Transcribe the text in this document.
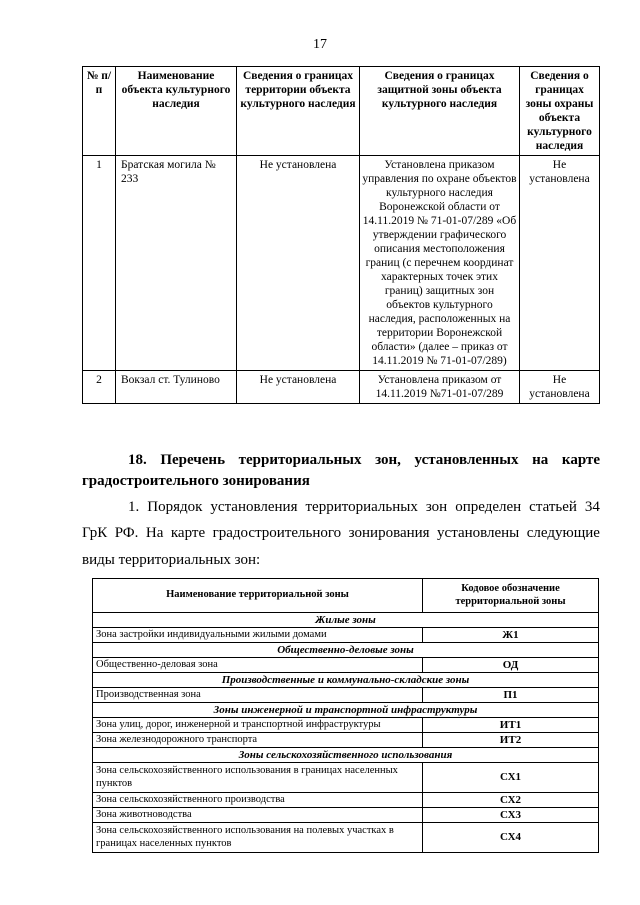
17
№ п/п	Наименование объекта культурного наследия	Сведения о границах территории объекта культурного наследия	Сведения о границах защитной зоны объекта культурного наследия	Сведения о границах зоны охраны объекта культурного наследия
1	Братская могила № 233	Не установлена	Установлена приказом управления по охране объектов культурного наследия Воронежской области от 14.11.2019 № 71-01-07/289 «Об утверждении графического описания местоположения границ (с перечнем координат характерных точек этих границ) защитных зон объектов культурного наследия, расположенных на территории Воронежской области» (далее – приказ от 14.11.2019 № 71-01-07/289)	Не установлена
2	Вокзал ст. Тулиново	Не установлена	Установлена приказом от 14.11.2019 №71-01-07/289	Не установлена
18. Перечень территориальных зон, установленных на карте
градостроительного зонирования
1. Порядок установления территориальных зон определен статьей 34
ГрК РФ. На карте градостроительного зонирования установлены следующие
виды территориальных зон:
Наименование территориальной зоны	Кодовое обозначение территориальной зоны
Жилые зоны	
Зона застройки индивидуальными жилыми домами	Ж1
Общественно-деловые зоны	
Общественно-деловая зона	ОД
Производственные и коммунально-складские зоны	
Производственная зона	П1
Зоны инженерной и транспортной инфраструктуры	
Зона улиц, дорог, инженерной и транспортной инфраструктуры	ИТ1
Зона железнодорожного транспорта	ИТ2
Зоны сельскохозяйственного использования	
Зона сельскохозяйственного использования в границах населенных пунктов	СХ1
Зона сельскохозяйственного производства	СХ2
Зона животноводства	СХ3
Зона сельскохозяйственного использования на полевых участках в границах населенных пунктов	СХ4
